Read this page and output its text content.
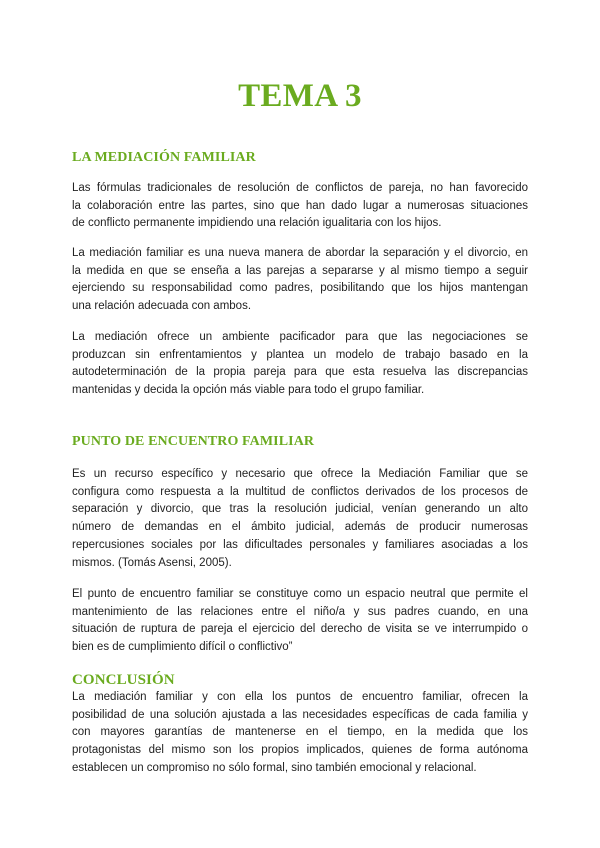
TEMA 3
LA MEDIACIÓN FAMILIAR

Las fórmulas tradicionales de resolución de conflictos de pareja, no han favorecido
la colaboración entre las partes, sino que han dado lugar a numerosas situaciones
de conflicto permanente impidiendo una relación igualitaria con los hijos.

La mediación familiar es una nueva manera de abordar la separación y el divorcio, en
la medida en que se enseña a las parejas a separarse y al mismo tiempo a seguir
ejerciendo su responsabilidad como padres, posibilitando que los hijos mantengan
una relación adecuada con ambos.

La mediación ofrece un ambiente pacificador para que las negociaciones se
produzcan sin enfrentamientos y plantea un modelo de trabajo basado en la
autodeterminación de la propia pareja para que esta resuelva las discrepancias
mantenidas y decida la opción más viable para todo el grupo familiar.

PUNTO DE ENCUENTRO FAMILIAR

Es un recurso específico y necesario que ofrece la Mediación Familiar que se
configura como respuesta a la multitud de conflictos derivados de los procesos de
separación y divorcio, que tras la resolución judicial, venían generando un alto
número de demandas en el ámbito judicial, además de producir numerosas
repercusiones sociales por las dificultades personales y familiares asociadas a los
mismos. (Tomás Asensi, 2005).

El punto de encuentro familiar se constituye como un espacio neutral que permite el
mantenimiento de las relaciones entre el niño/a y sus padres cuando, en una
situación de ruptura de pareja el ejercicio del derecho de visita se ve interrumpido o
bien es de cumplimiento difícil o conflictivo”

CONCLUSIÓN

La mediación familiar y con ella los puntos de encuentro familiar, ofrecen la
posibilidad de una solución ajustada a las necesidades específicas de cada familia y
con mayores garantías de mantenerse en el tiempo, en la medida que los
protagonistas del mismo son los propios implicados, quienes de forma autónoma
establecen un compromiso no sólo formal, sino también emocional y relacional.
